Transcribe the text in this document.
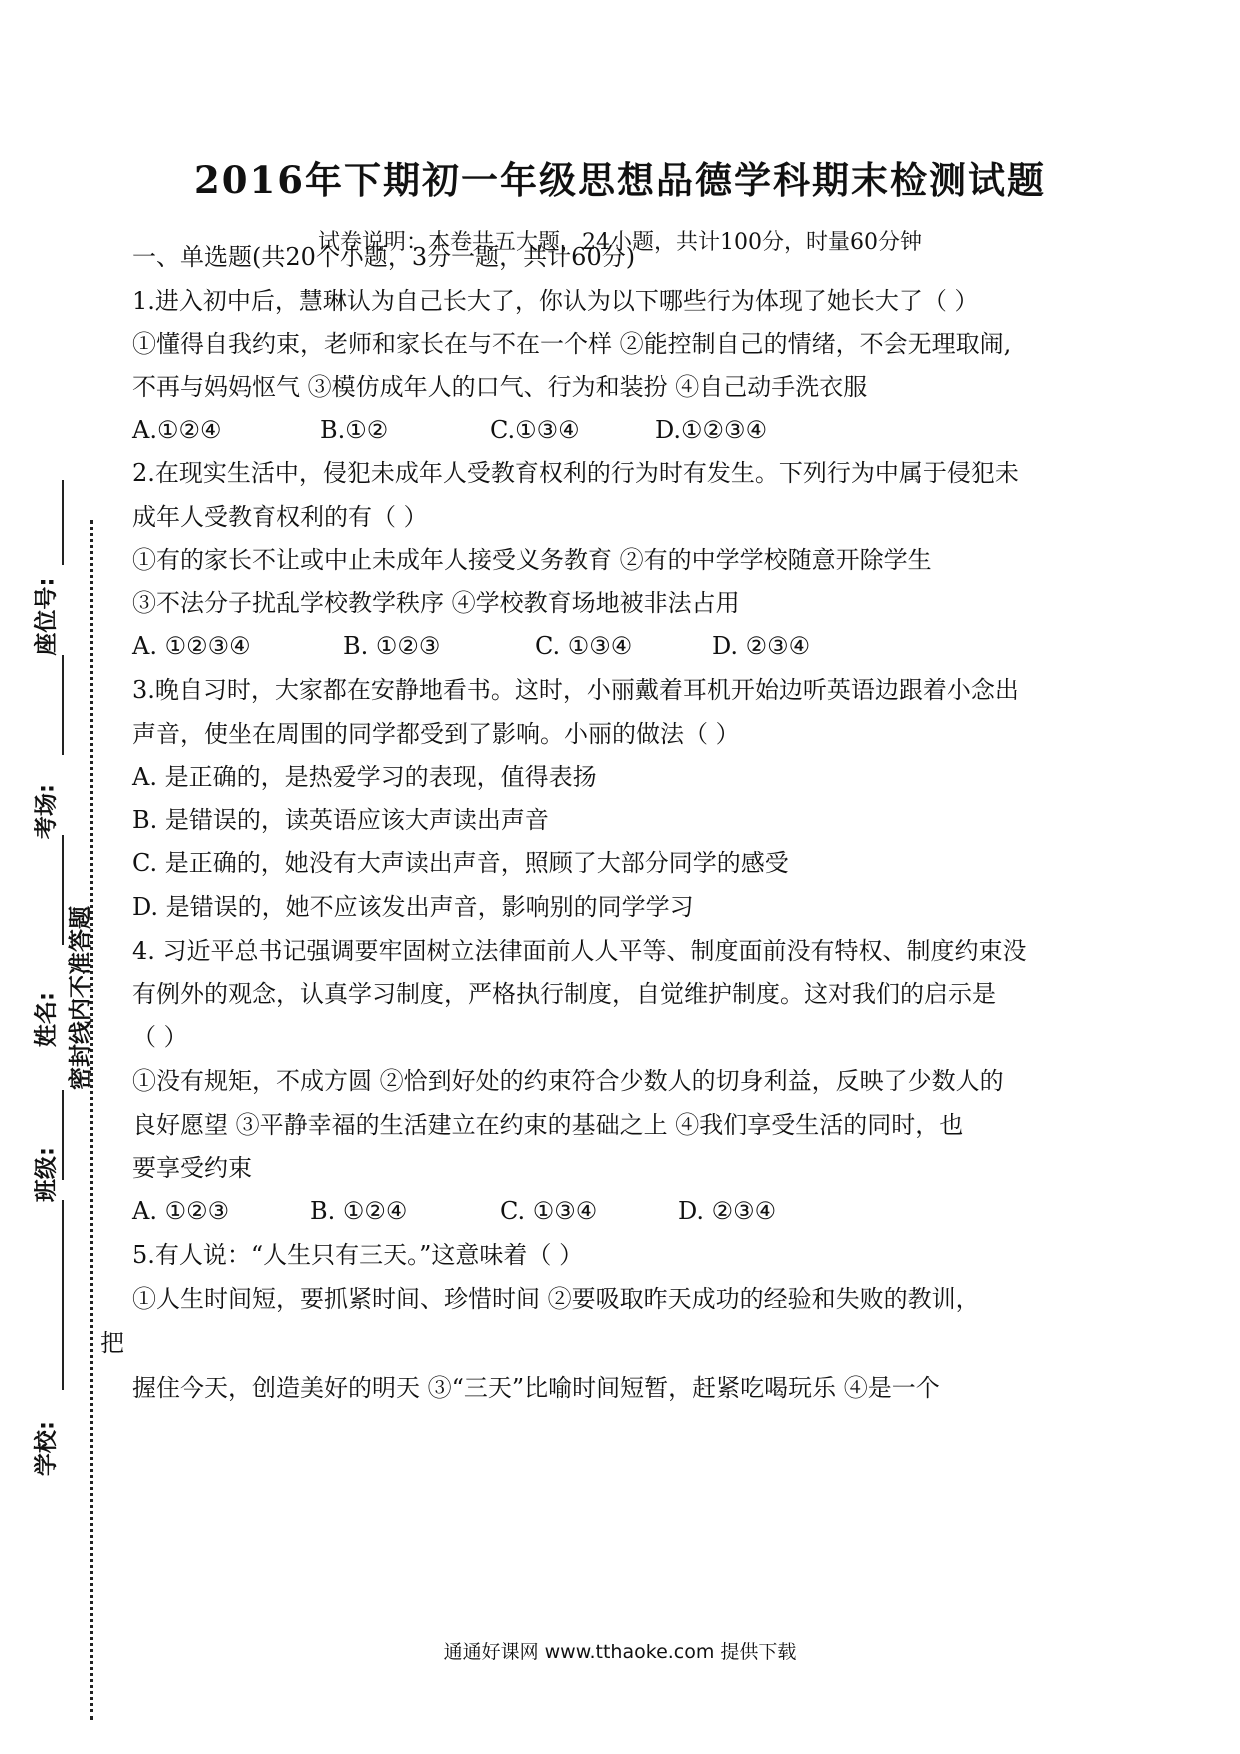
2016年下期初一年级思想品德学科期末检测试题
试卷说明：本卷共五大题，24小题，共计100分，时量60分钟
一、单选题(共20个小题，3分一题，共计60分)
1.进入初中后，慧琳认为自己长大了，你认为以下哪些行为体现了她长大了（ ）
①懂得自我约束，老师和家长在与不在一个样 ②能控制自己的情绪，不会无理取闹,
不再与妈妈怄气 ③模仿成年人的口气、行为和装扮 ④自己动手洗衣服
A.①②④	B.①②	C.①③④	D.①②③④
2.在现实生活中，侵犯未成年人受教育权利的行为时有发生。下列行为中属于侵犯未
成年人受教育权利的有（ ）
①有的家长不让或中止未成年人接受义务教育 ②有的中学学校随意开除学生
③不法分子扰乱学校教学秩序 ④学校教育场地被非法占用
A. ①②③④	B. ①②③	C. ①③④	D. ②③④
3.晚自习时，大家都在安静地看书。这时，小丽戴着耳机开始边听英语边跟着小念出
声音，使坐在周围的同学都受到了影响。小丽的做法（ ）
A. 是正确的，是热爱学习的表现，值得表扬
B. 是错误的，读英语应该大声读出声音
C. 是正确的，她没有大声读出声音，照顾了大部分同学的感受
D. 是错误的，她不应该发出声音，影响别的同学学习
4. 习近平总书记强调要牢固树立法律面前人人平等、制度面前没有特权、制度约束没
有例外的观念，认真学习制度，严格执行制度，自觉维护制度。这对我们的启示是
（ ）
①没有规矩，不成方圆 ②恰到好处的约束符合少数人的切身利益，反映了少数人的
良好愿望 ③平静幸福的生活建立在约束的基础之上 ④我们享受生活的同时，也
要享受约束
A. ①②③	B. ①②④	C. ①③④	D. ②③④
5.有人说：“人生只有三天。”这意味着（ ）
①人生时间短，要抓紧时间、珍惜时间 ②要吸取昨天成功的经验和失败的教训，
把
握住今天，创造美好的明天 ③“三天”比喻时间短暂，赶紧吃喝玩乐 ④是一个
座位号:
考场:
姓名:
班级:
学校:
密封线内不准答题
通通好课网 www.tthaoke.com 提供下载
